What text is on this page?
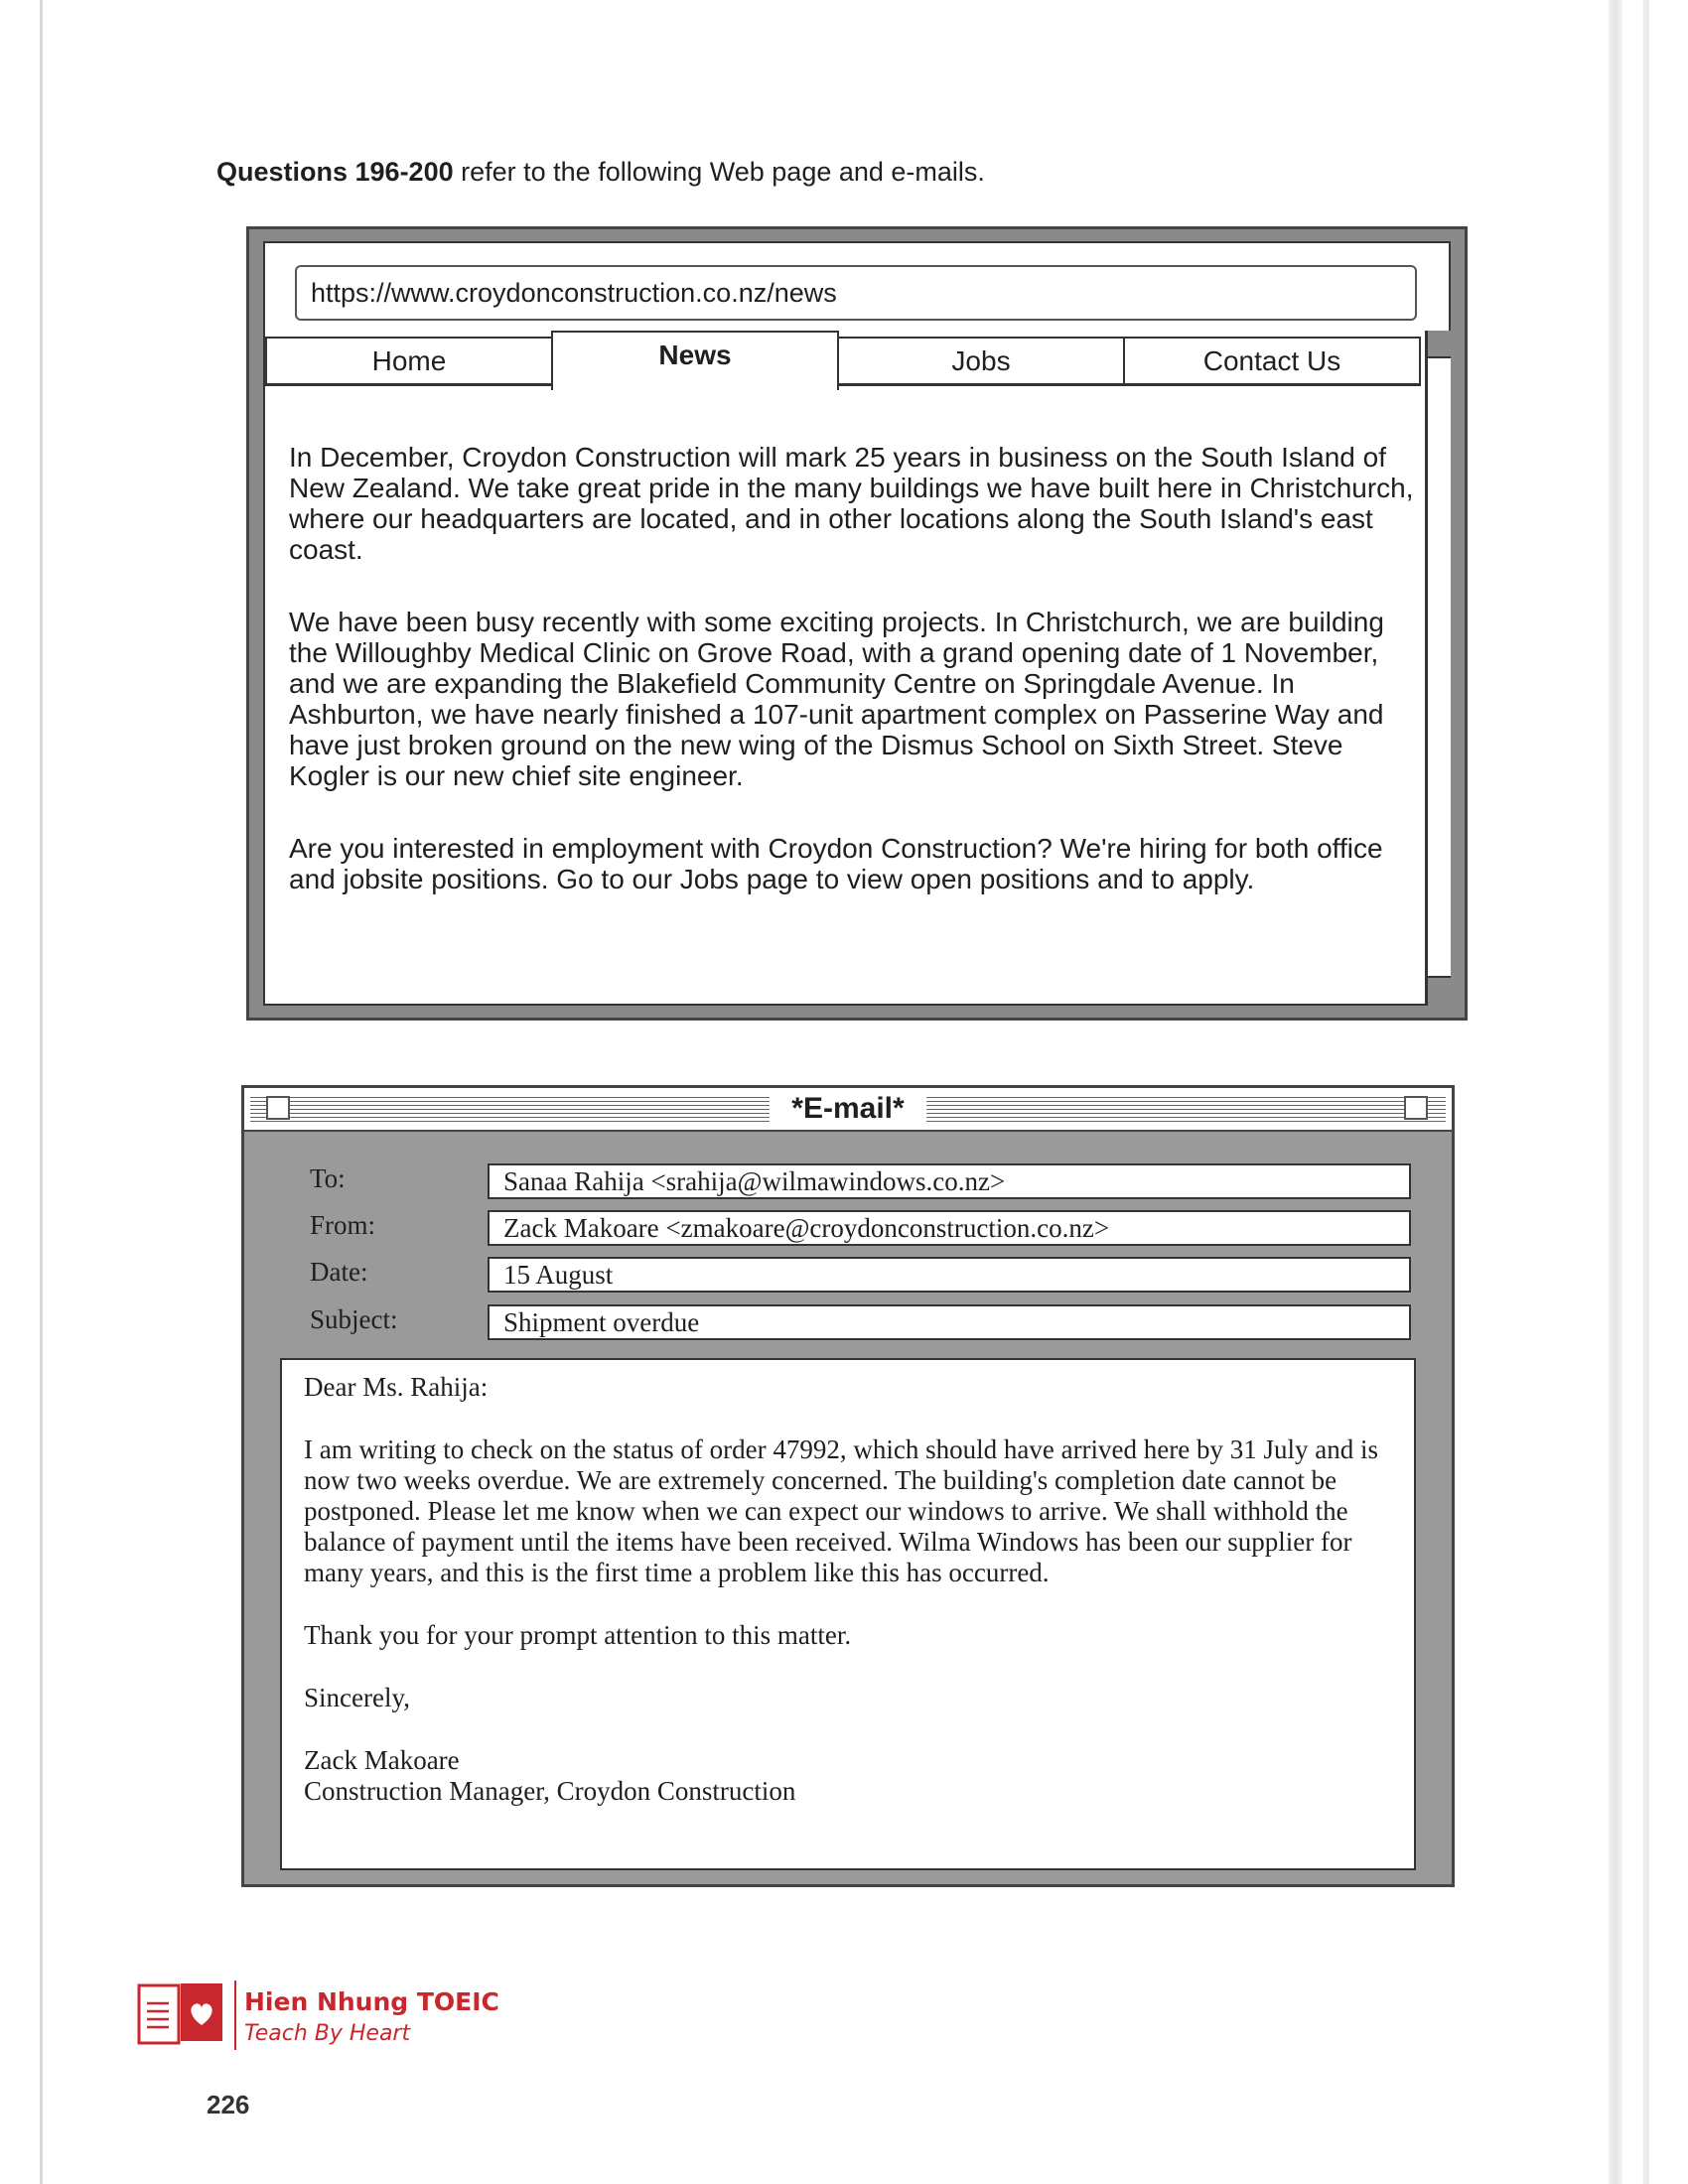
Questions 196-200 refer to the following Web page and e-mails.
https://www.croydonconstruction.co.nz/news
Home	News	Jobs	Contact Us

In December, Croydon Construction will mark 25 years in business on the South Island of New Zealand. We take great pride in the many buildings we have built here in Christchurch, where our headquarters are located, and in other locations along the South Island's east coast.

We have been busy recently with some exciting projects. In Christchurch, we are building the Willoughby Medical Clinic on Grove Road, with a grand opening date of 1 November, and we are expanding the Blakefield Community Centre on Springdale Avenue. In Ashburton, we have nearly finished a 107-unit apartment complex on Passerine Way and have just broken ground on the new wing of the Dismus School on Sixth Street. Steve Kogler is our new chief site engineer.

Are you interested in employment with Croydon Construction? We're hiring for both office and jobsite positions. Go to our Jobs page to view open positions and to apply.

*E-mail*
To:	Sanaa Rahija <srahija@wilmawindows.co.nz>
From:	Zack Makoare <zmakoare@croydonconstruction.co.nz>
Date:	15 August
Subject:	Shipment overdue

Dear Ms. Rahija:

I am writing to check on the status of order 47992, which should have arrived here by 31 July and is now two weeks overdue. We are extremely concerned. The building's completion date cannot be postponed. Please let me know when we can expect our windows to arrive. We shall withhold the balance of payment until the items have been received. Wilma Windows has been our supplier for many years, and this is the first time a problem like this has occurred.

Thank you for your prompt attention to this matter.

Sincerely,

Zack Makoare

Construction Manager, Croydon Construction

Hien Nhung TOEIC
Teach By Heart
226
